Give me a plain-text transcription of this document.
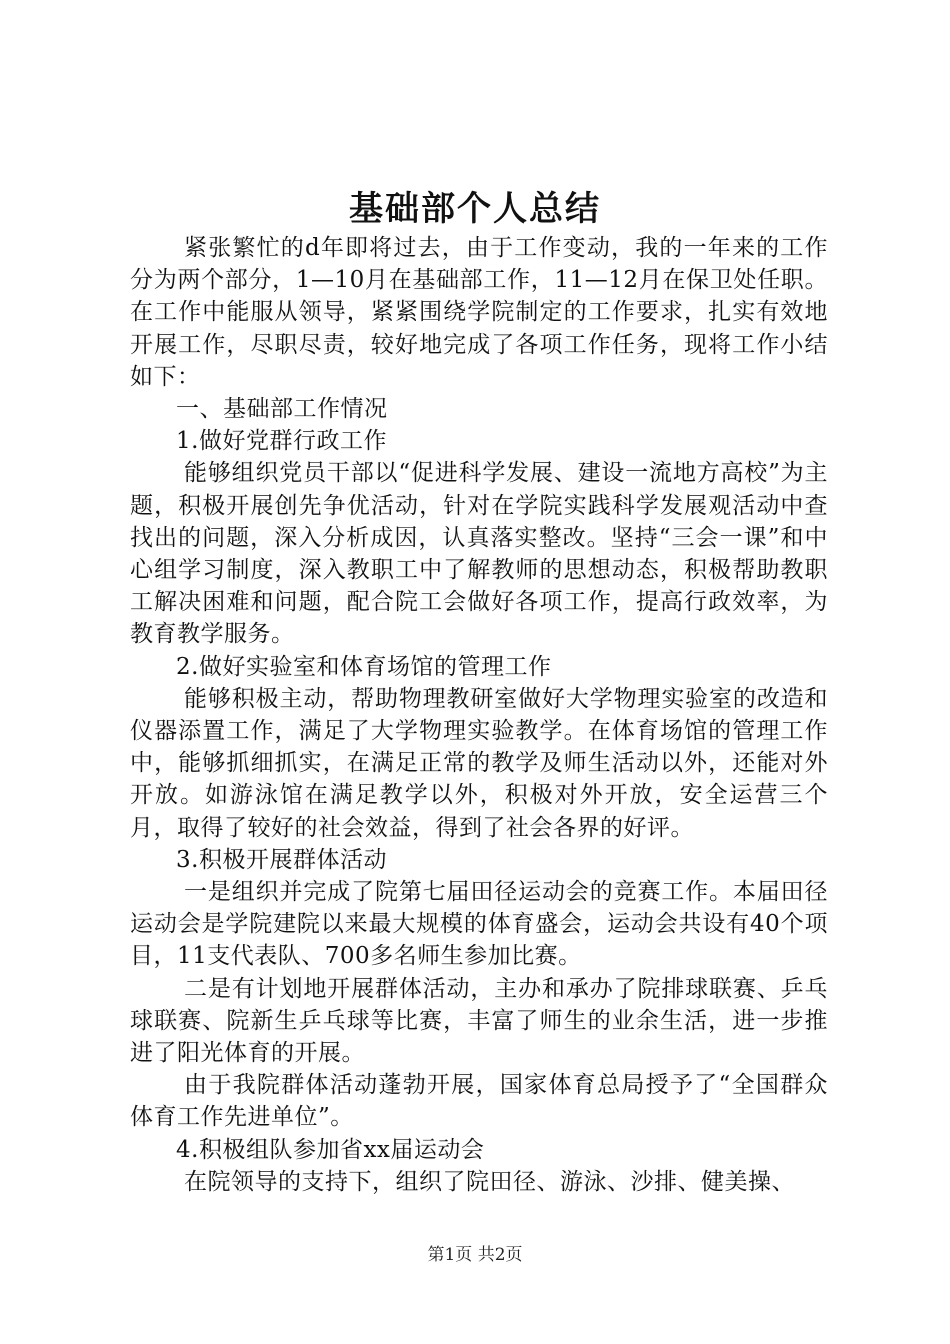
基础部个人总结

紧张繁忙的d年即将过去，由于工作变动，我的一年来的工作分为两个部分，1—10月在基础部工作，11—12月在保卫处任职。在工作中能服从领导，紧紧围绕学院制定的工作要求，扎实有效地开展工作，尽职尽责，较好地完成了各项工作任务，现将工作小结如下：

一、基础部工作情况

1.做好党群行政工作

能够组织党员干部以“促进科学发展、建设一流地方高校”为主题，积极开展创先争优活动，针对在学院实践科学发展观活动中查找出的问题，深入分析成因，认真落实整改。坚持“三会一课”和中心组学习制度，深入教职工中了解教师的思想动态，积极帮助教职工解决困难和问题，配合院工会做好各项工作，提高行政效率，为教育教学服务。

2.做好实验室和体育场馆的管理工作

能够积极主动，帮助物理教研室做好大学物理实验室的改造和仪器添置工作，满足了大学物理实验教学。在体育场馆的管理工作中，能够抓细抓实，在满足正常的教学及师生活动以外，还能对外开放。如游泳馆在满足教学以外，积极对外开放，安全运营三个月，取得了较好的社会效益，得到了社会各界的好评。

3.积极开展群体活动

一是组织并完成了院第七届田径运动会的竞赛工作。本届田径运动会是学院建院以来最大规模的体育盛会，运动会共设有40个项目，11支代表队、700多名师生参加比赛。

二是有计划地开展群体活动，主办和承办了院排球联赛、乒乓球联赛、院新生乒乓球等比赛，丰富了师生的业余生活，进一步推进了阳光体育的开展。

由于我院群体活动蓬勃开展，国家体育总局授予了“全国群众体育工作先进单位”。

4.积极组队参加省xx届运动会

在院领导的支持下，组织了院田径、游泳、沙排、健美操、

第1页 共2页
